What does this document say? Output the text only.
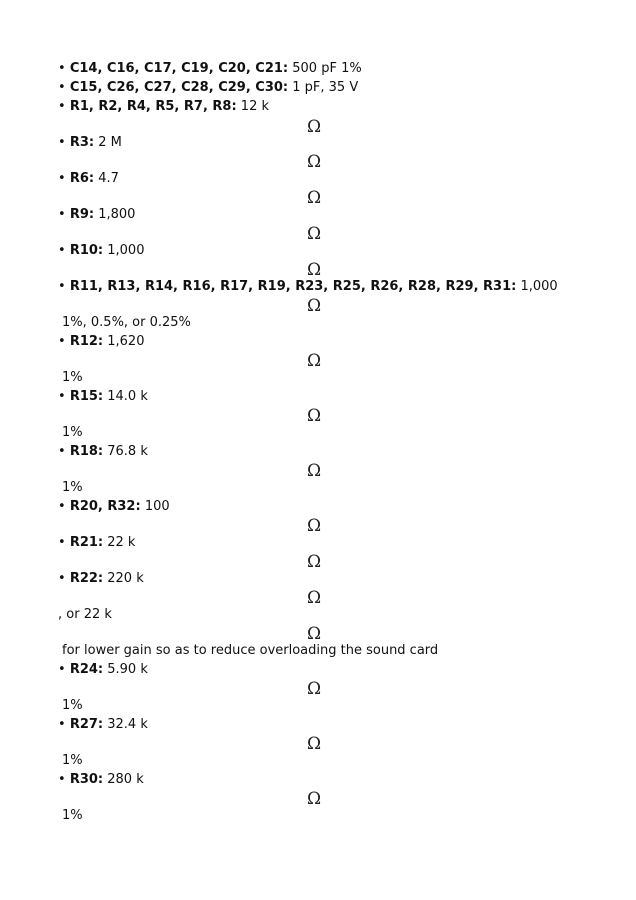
• C14, C16, C17, C19, C20, C21: 500 pF 1%
• C15, C26, C27, C28, C29, C30: 1 pF, 35 V
• R1, R2, R4, R5, R7, R8: 12 k
Ω
• R3: 2 M
Ω
• R6: 4.7
Ω
• R9: 1,800
Ω
• R10: 1,000
Ω
• R11, R13, R14, R16, R17, R19, R23, R25, R26, R28, R29, R31: 1,000
Ω
1%, 0.5%, or 0.25%
• R12: 1,620
Ω
1%
• R15: 14.0 k
Ω
1%
• R18: 76.8 k
Ω
1%
• R20, R32: 100
Ω
• R21: 22 k
Ω
• R22: 220 k
Ω
, or 22 k
Ω
for lower gain so as to reduce overloading the sound card
• R24: 5.90 k
Ω
1%
• R27: 32.4 k
Ω
1%
• R30: 280 k
Ω
1%
